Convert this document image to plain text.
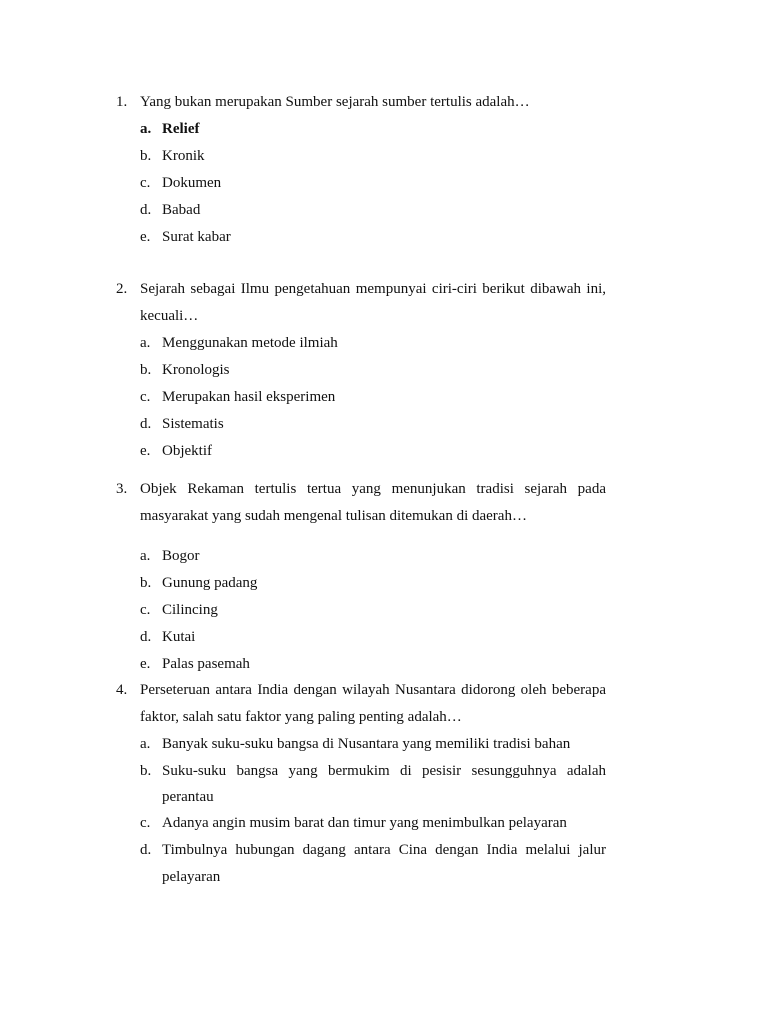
1. Yang bukan merupakan Sumber sejarah sumber tertulis adalah…
a. Relief
b. Kronik
c. Dokumen
d. Babad
e. Surat kabar
2. Sejarah sebagai Ilmu pengetahuan mempunyai ciri-ciri berikut dibawah ini, kecuali…
a. Menggunakan metode ilmiah
b. Kronologis
c. Merupakan hasil eksperimen
d. Sistematis
e. Objektif
3. Objek Rekaman tertulis tertua yang menunjukan tradisi sejarah pada masyarakat yang sudah mengenal tulisan ditemukan di daerah…
a. Bogor
b. Gunung padang
c. Cilincing
d. Kutai
e. Palas pasemah
4. Perseteruan antara India dengan wilayah Nusantara didorong oleh beberapa faktor, salah satu faktor yang paling penting adalah…
a. Banyak suku-suku bangsa di Nusantara yang memiliki tradisi bahan
b. Suku-suku bangsa yang bermukim di pesisir sesungguhnya adalah perantau
c. Adanya angin musim barat dan timur yang menimbulkan pelayaran
d. Timbulnya hubungan dagang antara Cina dengan India melalui jalur pelayaran
